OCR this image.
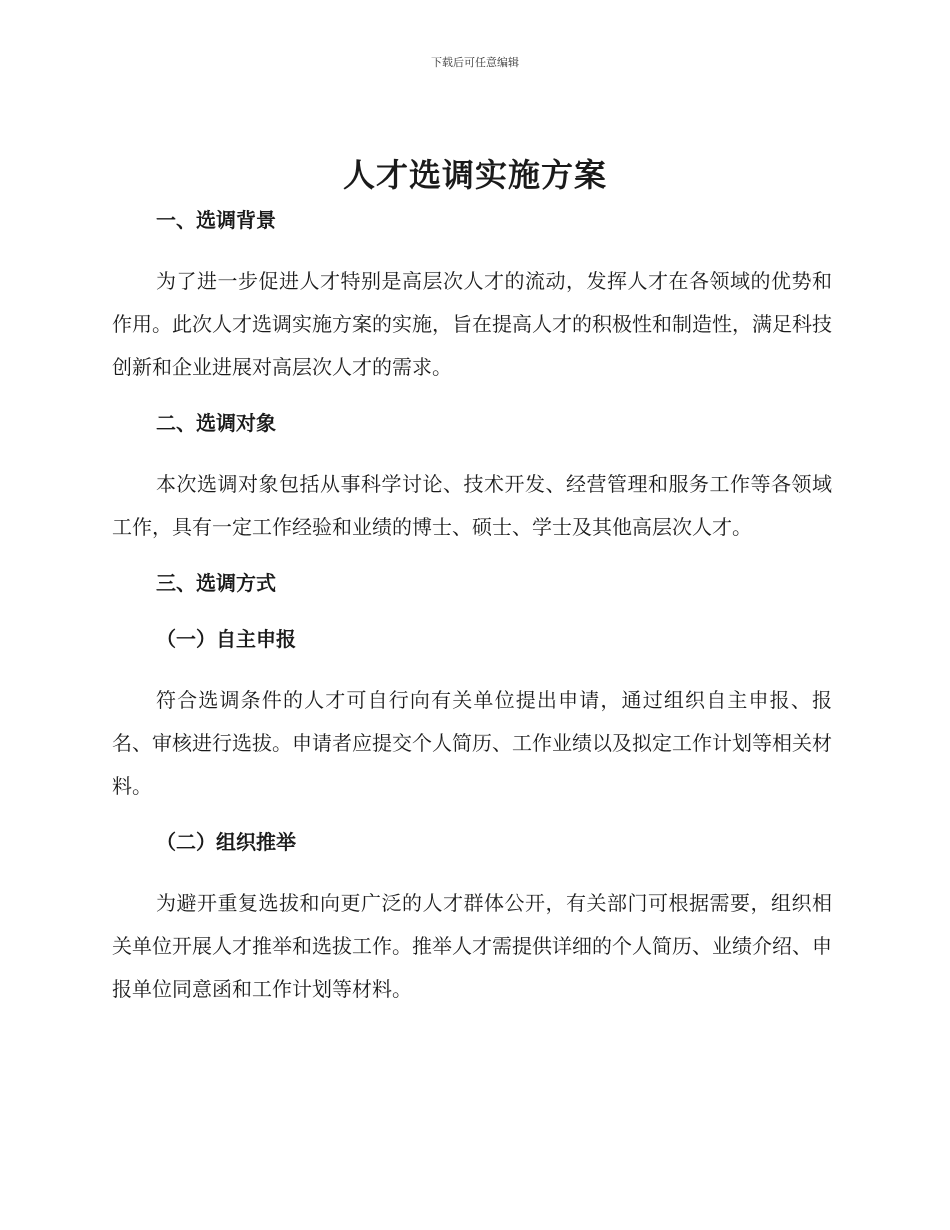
下载后可任意编辑
人才选调实施方案
一、选调背景

为了进一步促进人才特别是高层次人才的流动，发挥人才在各领域的优势和作用。此次人才选调实施方案的实施，旨在提高人才的积极性和制造性，满足科技创新和企业进展对高层次人才的需求。

二、选调对象

本次选调对象包括从事科学讨论、技术开发、经营管理和服务工作等各领域工作，具有一定工作经验和业绩的博士、硕士、学士及其他高层次人才。

三、选调方式
（一）自主申报

符合选调条件的人才可自行向有关单位提出申请，通过组织自主申报、报名、审核进行选拔。申请者应提交个人简历、工作业绩以及拟定工作计划等相关材料。

（二）组织推举

为避开重复选拔和向更广泛的人才群体公开，有关部门可根据需要，组织相关单位开展人才推举和选拔工作。推举人才需提供详细的个人简历、业绩介绍、申报单位同意函和工作计划等材料。
